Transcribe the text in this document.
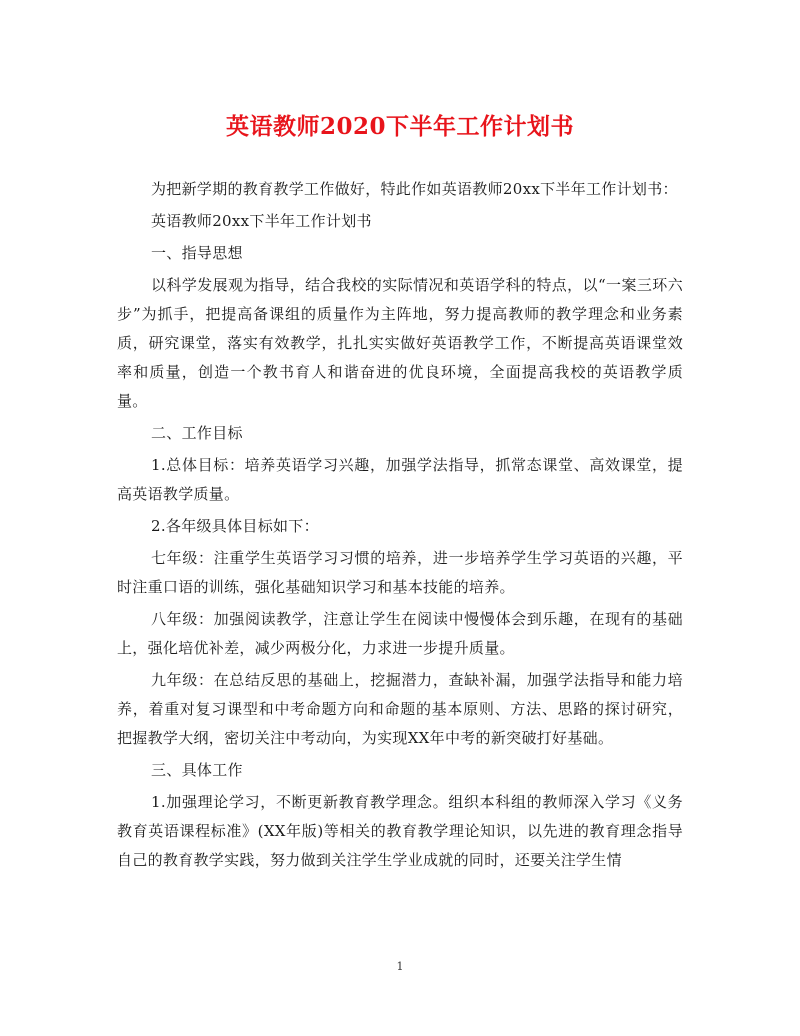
英语教师2020下半年工作计划书

为把新学期的教育教学工作做好，特此作如英语教师20xx下半年工作计划书：

英语教师20xx下半年工作计划书

一、指导思想

以科学发展观为指导，结合我校的实际情况和英语学科的特点，以“一案三环六步”为抓手，把提高备课组的质量作为主阵地，努力提高教师的教学理念和业务素质，研究课堂，落实有效教学，扎扎实实做好英语教学工作，不断提高英语课堂效率和质量，创造一个教书育人和谐奋进的优良环境，全面提高我校的英语教学质量。

二、工作目标

1.总体目标：培养英语学习兴趣，加强学法指导，抓常态课堂、高效课堂，提高英语教学质量。

2.各年级具体目标如下：

七年级：注重学生英语学习习惯的培养，进一步培养学生学习英语的兴趣，平时注重口语的训练，强化基础知识学习和基本技能的培养。

八年级：加强阅读教学，注意让学生在阅读中慢慢体会到乐趣，在现有的基础上，强化培优补差，减少两极分化，力求进一步提升质量。

九年级：在总结反思的基础上，挖掘潜力，查缺补漏，加强学法指导和能力培养，着重对复习课型和中考命题方向和命题的基本原则、方法、思路的探讨研究，把握教学大纲，密切关注中考动向，为实现XX年中考的新突破打好基础。

三、具体工作

1.加强理论学习，不断更新教育教学理念。组织本科组的教师深入学习《义务教育英语课程标准》(XX年版)等相关的教育教学理论知识，以先进的教育理念指导自己的教育教学实践，努力做到关注学生学业成就的同时，还要关注学生情

1
